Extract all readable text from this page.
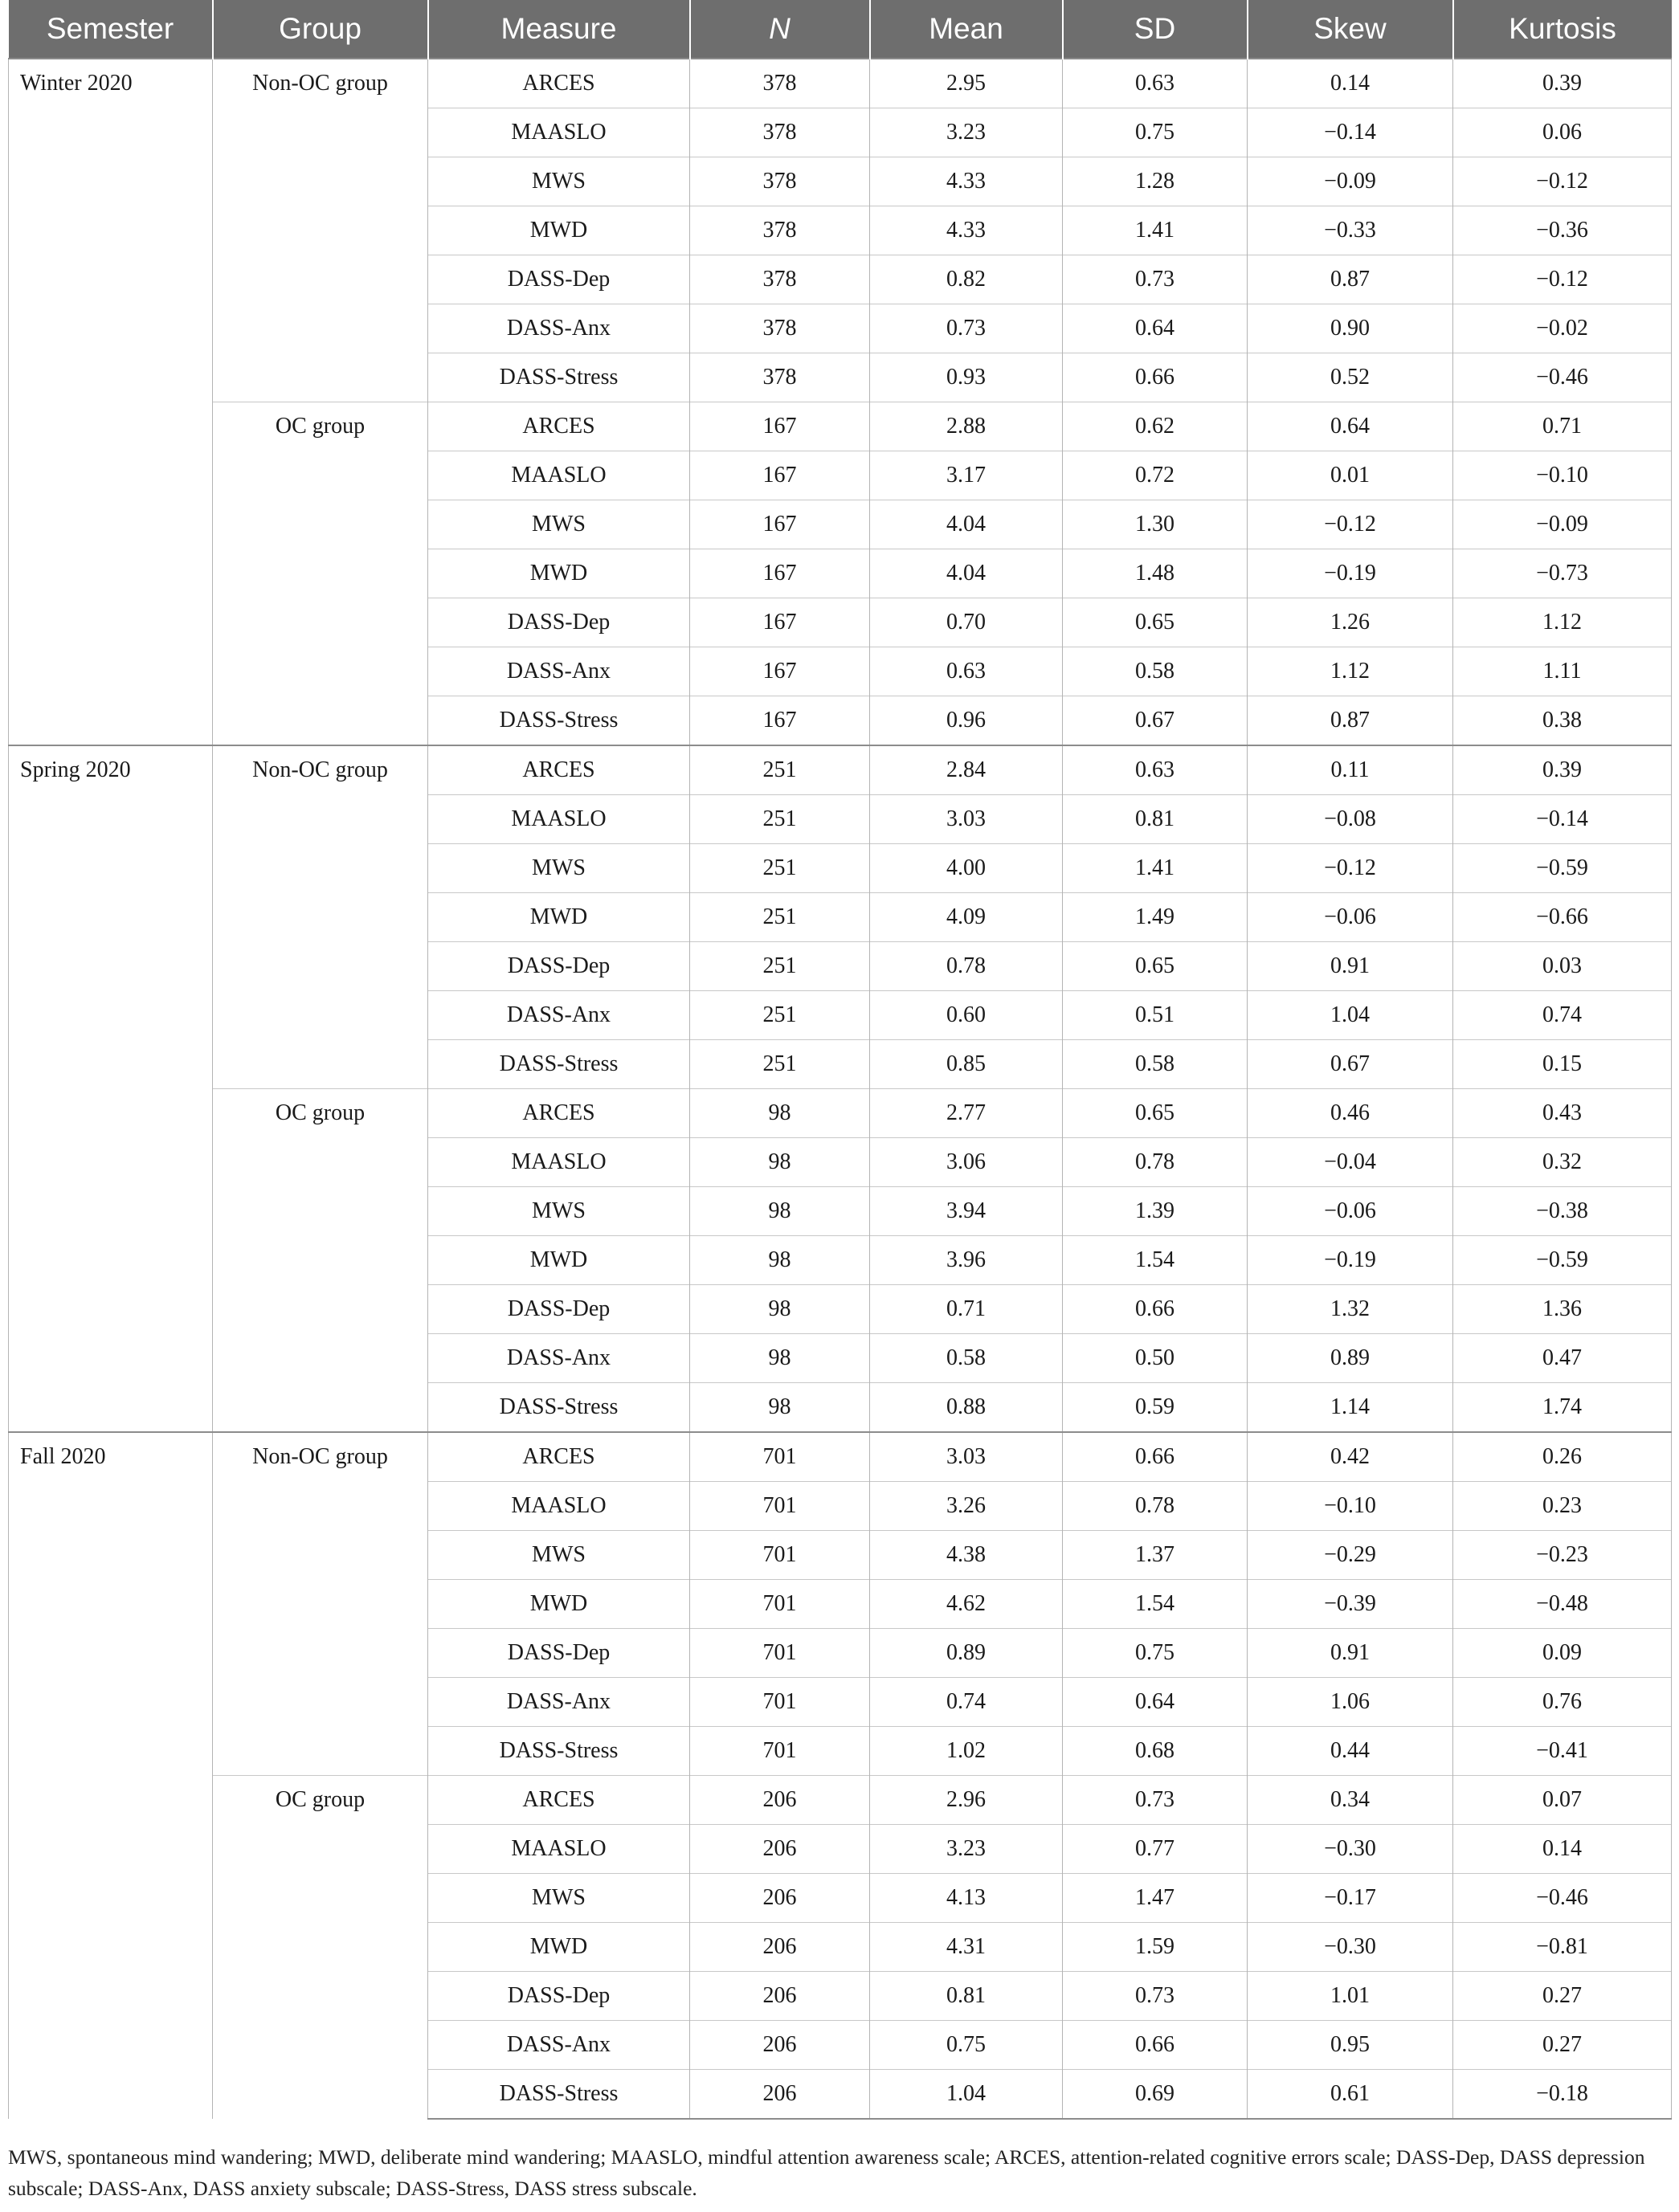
Semester	Group	Measure	N	Mean	SD	Skew	Kurtosis
Winter 2020	Non-OC group	ARCES	378	2.95	0.63	0.14	0.39
		MAASLO	378	3.23	0.75	−0.14	0.06
		MWS	378	4.33	1.28	−0.09	−0.12
		MWD	378	4.33	1.41	−0.33	−0.36
		DASS-Dep	378	0.82	0.73	0.87	−0.12
		DASS-Anx	378	0.73	0.64	0.90	−0.02
		DASS-Stress	378	0.93	0.66	0.52	−0.46
	OC group	ARCES	167	2.88	0.62	0.64	0.71
		MAASLO	167	3.17	0.72	0.01	−0.10
		MWS	167	4.04	1.30	−0.12	−0.09
		MWD	167	4.04	1.48	−0.19	−0.73
		DASS-Dep	167	0.70	0.65	1.26	1.12
		DASS-Anx	167	0.63	0.58	1.12	1.11
		DASS-Stress	167	0.96	0.67	0.87	0.38
Spring 2020	Non-OC group	ARCES	251	2.84	0.63	0.11	0.39
		MAASLO	251	3.03	0.81	−0.08	−0.14
		MWS	251	4.00	1.41	−0.12	−0.59
		MWD	251	4.09	1.49	−0.06	−0.66
		DASS-Dep	251	0.78	0.65	0.91	0.03
		DASS-Anx	251	0.60	0.51	1.04	0.74
		DASS-Stress	251	0.85	0.58	0.67	0.15
	OC group	ARCES	98	2.77	0.65	0.46	0.43
		MAASLO	98	3.06	0.78	−0.04	0.32
		MWS	98	3.94	1.39	−0.06	−0.38
		MWD	98	3.96	1.54	−0.19	−0.59
		DASS-Dep	98	0.71	0.66	1.32	1.36
		DASS-Anx	98	0.58	0.50	0.89	0.47
		DASS-Stress	98	0.88	0.59	1.14	1.74
Fall 2020	Non-OC group	ARCES	701	3.03	0.66	0.42	0.26
		MAASLO	701	3.26	0.78	−0.10	0.23
		MWS	701	4.38	1.37	−0.29	−0.23
		MWD	701	4.62	1.54	−0.39	−0.48
		DASS-Dep	701	0.89	0.75	0.91	0.09
		DASS-Anx	701	0.74	0.64	1.06	0.76
		DASS-Stress	701	1.02	0.68	0.44	−0.41
	OC group	ARCES	206	2.96	0.73	0.34	0.07
		MAASLO	206	3.23	0.77	−0.30	0.14
		MWS	206	4.13	1.47	−0.17	−0.46
		MWD	206	4.31	1.59	−0.30	−0.81
		DASS-Dep	206	0.81	0.73	1.01	0.27
		DASS-Anx	206	0.75	0.66	0.95	0.27
		DASS-Stress	206	1.04	0.69	0.61	−0.18
MWS, spontaneous mind wandering; MWD, deliberate mind wandering; MAASLO, mindful attention awareness scale; ARCES, attention-related cognitive errors scale; DASS-Dep, DASS depression subscale; DASS-Anx, DASS anxiety subscale; DASS-Stress, DASS stress subscale.
